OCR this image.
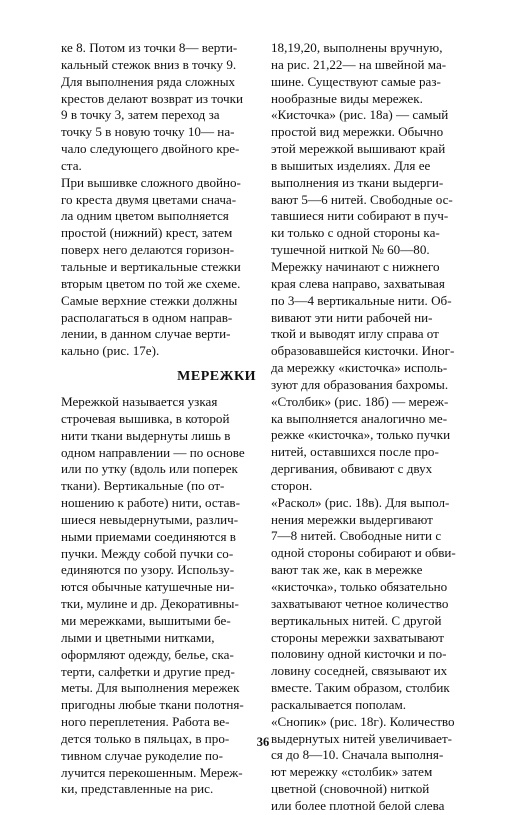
ке 8. Потом из точки 8— верти-
кальный стежок вниз в точку 9.
Для выполнения ряда сложных
крестов делают возврат из точки
9 в точку 3, затем переход за
точку 5 в новую точку 10— на-
чало следующего двойного кре-
ста.
При вышивке сложного двойно-
го креста двумя цветами снача-
ла одним цветом выполняется
простой (нижний) крест, затем
поверх него делаются горизон-
тальные и вертикальные стежки
вторым цветом по той же схеме.
Самые верхние стежки должны
располагаться в одном направ-
лении, в данном случае верти-
кально (рис. 17е).
МЕРЕЖКИ
Мережкой называется узкая
строчевая вышивка, в которой
нити ткани выдернуты лишь в
одном направлении — по основе
или по утку (вдоль или поперек
ткани). Вертикальные (по от-
ношению к работе) нити, остав-
шиеся невыдернутыми, различ-
ными приемами соединяются в
пучки. Между собой пучки со-
единяются по узору. Использу-
ются обычные катушечные ни-
тки, мулине и др. Декоративны-
ми мережками, вышитыми бе-
лыми и цветными нитками,
оформляют одежду, белье, ска-
терти, салфетки и другие пред-
меты. Для выполнения мережек
пригодны любые ткани полотня-
ного переплетения. Работа ве-
дется только в пяльцах, в про-
тивном случае рукоделие по-
лучится перекошенным. Мереж-
ки, представленные на рис.
18,19,20, выполнены вручную,
на рис. 21,22— на швейной ма-
шине. Существуют самые раз-
нообразные виды мережек.
«Кисточка» (рис. 18а) — самый
простой вид мережки. Обычно
этой мережкой вышивают край
в вышитых изделиях. Для ее
выполнения из ткани выдерги-
вают 5—6 нитей. Свободные ос-
тавшиеся нити собирают в пуч-
ки только с одной стороны ка-
тушечной ниткой № 60—80.
Мережку начинают с нижнего
края слева направо, захватывая
по 3—4 вертикальные нити. Об-
вивают эти нити рабочей ни-
ткой и выводят иглу справа от
образовавшейся кисточки. Иног-
да мережку «кисточка» исполь-
зуют для образования бахромы.
«Столбик» (рис. 18б) — мереж-
ка выполняется аналогично ме-
режке «кисточка», только пучки
нитей, оставшихся после про-
дергивания, обвивают с двух
сторон.
«Раскол» (рис. 18в). Для выпол-
нения мережки выдергивают
7—8 нитей. Свободные нити с
одной стороны собирают и обви-
вают так же, как в мережке
«кисточка», только обязательно
захватывают четное количество
вертикальных нитей. С другой
стороны мережки захватывают
половину одной кисточки и по-
ловину соседней, связывают их
вместе. Таким образом, столбик
раскалывается пополам.
«Снопик» (рис. 18г). Количество
выдернутых нитей увеличивает-
ся до 8—10. Сначала выполня-
ют мережку «столбик» затем
цветной (сновочной) ниткой
или более плотной белой слева
36
